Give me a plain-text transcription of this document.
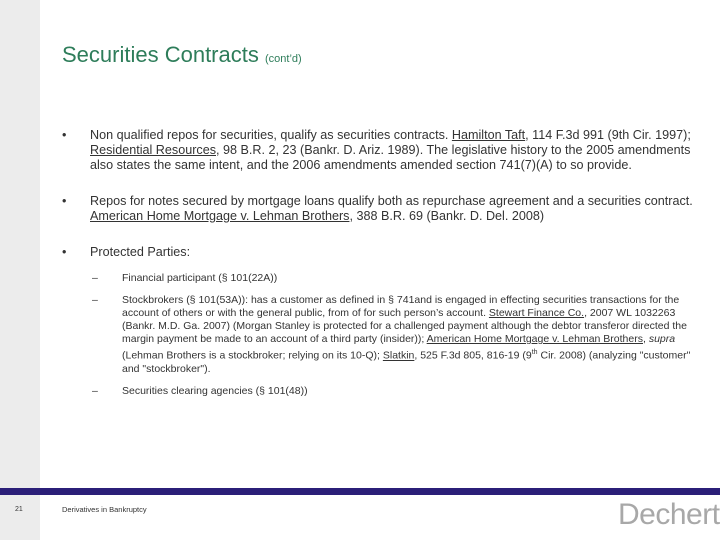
Securities Contracts (cont’d)
• Non qualified repos for securities, qualify as securities contracts. Hamilton Taft, 114 F.3d 991 (9th Cir. 1997); Residential Resources, 98 B.R. 2, 23 (Bankr. D. Ariz. 1989). The legislative history to the 2005 amendments also states the same intent, and the 2006 amendments amended section 741(7)(A) to so provide.
• Repos for notes secured by mortgage loans qualify both as repurchase agreement and a securities contract. American Home Mortgage v. Lehman Brothers, 388 B.R. 69 (Bankr. D. Del. 2008)
• Protected Parties:
– Financial participant (§ 101(22A))
– Stockbrokers (§ 101(53A)): has a customer as defined in § 741and is engaged in effecting securities transactions for the account of others or with the general public, from of for such person’s account. Stewart Finance Co., 2007 WL 1032263 (Bankr. M.D. Ga. 2007) (Morgan Stanley is protected for a challenged payment although the debtor transferor directed the margin payment be made to an account of a third party (insider)); American Home Mortgage v. Lehman Brothers, supra (Lehman Brothers is a stockbroker; relying on its 10-Q); Slatkin, 525 F.3d 805, 816-19 (9th Cir. 2008) (analyzing "customer" and "stockbroker").
– Securities clearing agencies (§ 101(48))
21	Derivatives in Bankruptcy	Dechert
